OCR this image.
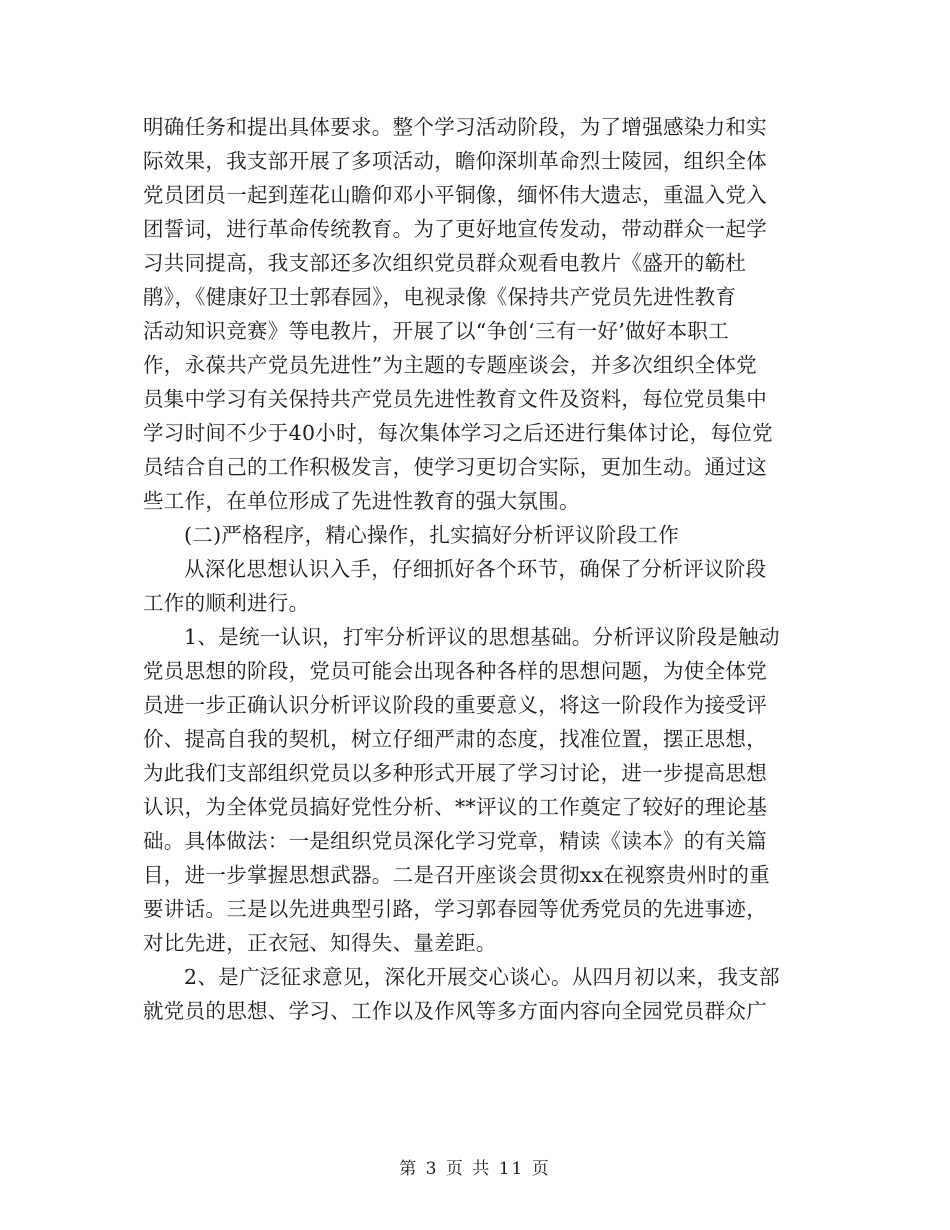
明确任务和提出具体要求。整个学习活动阶段，为了增强感染力和实
际效果，我支部开展了多项活动，瞻仰深圳革命烈士陵园，组织全体
党员团员一起到莲花山瞻仰邓小平铜像，缅怀伟大遗志，重温入党入
团誓词，进行革命传统教育。为了更好地宣传发动，带动群众一起学
习共同提高，我支部还多次组织党员群众观看电教片《盛开的簕杜
鹃》，《健康好卫士郭春园》，电视录像《保持共产党员先进性教育
活动知识竞赛》等电教片，开展了以“争创‘三有一好’做好本职工
作，永葆共产党员先进性”为主题的专题座谈会，并多次组织全体党
员集中学习有关保持共产党员先进性教育文件及资料，每位党员集中
学习时间不少于40小时，每次集体学习之后还进行集体讨论，每位党
员结合自己的工作积极发言，使学习更切合实际，更加生动。通过这
些工作，在单位形成了先进性教育的强大氛围。
(二)严格程序，精心操作，扎实搞好分析评议阶段工作
从深化思想认识入手，仔细抓好各个环节，确保了分析评议阶段
工作的顺利进行。
1、是统一认识，打牢分析评议的思想基础。分析评议阶段是触动
党员思想的阶段，党员可能会出现各种各样的思想问题，为使全体党
员进一步正确认识分析评议阶段的重要意义，将这一阶段作为接受评
价、提高自我的契机，树立仔细严肃的态度，找准位置，摆正思想，
为此我们支部组织党员以多种形式开展了学习讨论，进一步提高思想
认识，为全体党员搞好党性分析、**评议的工作奠定了较好的理论基
础。具体做法：一是组织党员深化学习党章，精读《读本》的有关篇
目，进一步掌握思想武器。二是召开座谈会贯彻xx在视察贵州时的重
要讲话。三是以先进典型引路，学习郭春园等优秀党员的先进事迹，
对比先进，正衣冠、知得失、量差距。
2、是广泛征求意见，深化开展交心谈心。从四月初以来，我支部
就党员的思想、学习、工作以及作风等多方面内容向全园党员群众广
第 3 页 共 11 页
